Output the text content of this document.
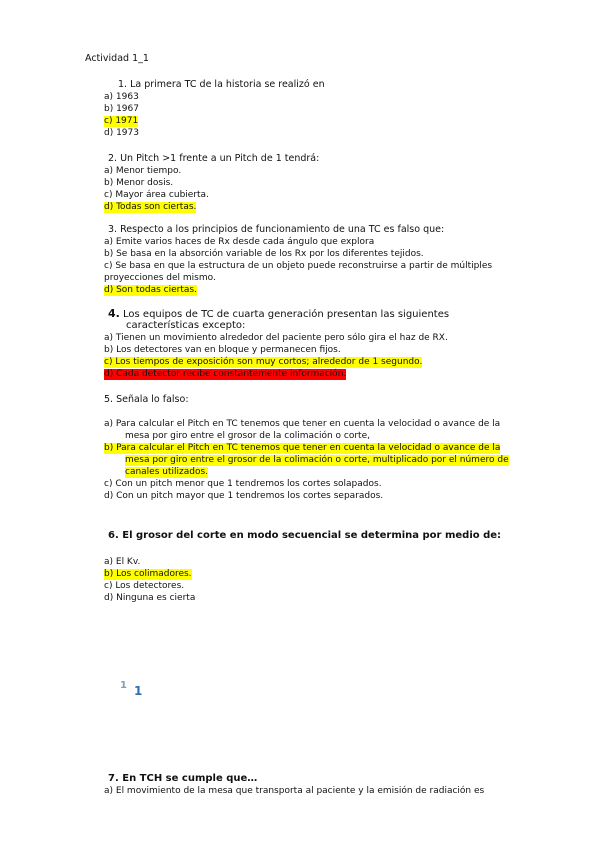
Actividad 1_1
1. La primera TC de la historia se realizó en
a) 1963
b) 1967
c) 1971
d) 1973
2. Un Pitch >1 frente a un Pitch de 1 tendrá:
a) Menor tiempo.
b) Menor dosis.
c) Mayor área cubierta.
d) Todas son ciertas.
3. Respecto a los principios de funcionamiento de una TC es falso que:
a) Emite varios haces de Rx desde cada ángulo que explora
b) Se basa en la absorción variable de los Rx por los diferentes tejidos.
c) Se basa en que la estructura de un objeto puede reconstruirse a partir de múltiples
proyecciones del mismo.
d) Son todas ciertas.
4. Los equipos de TC de cuarta generación presentan las siguientes
características excepto:
a) Tienen un movimiento alrededor del paciente pero sólo gira el haz de RX.
b) Los detectores van en bloque y permanecen fijos.
c) Los tiempos de exposición son muy cortos; alrededor de 1 segundo.
d) Cada detector recibe constantemente información.
5. Señala lo falso:
a) Para calcular el Pitch en TC tenemos que tener en cuenta la velocidad o avance de la
mesa por giro entre el grosor de la colimación o corte,
b) Para calcular el Pitch en TC tenemos que tener en cuenta la velocidad o avance de la
mesa por giro entre el grosor de la colimación o corte, multiplicado por el número de
canales utilizados.
c) Con un pitch menor que 1 tendremos los cortes solapados.
d) Con un pitch mayor que 1 tendremos los cortes separados.
6. El grosor del corte en modo secuencial se determina por medio de:
a) El Kv.
b) Los colimadores.
c) Los detectores.
d) Ninguna es cierta
1 1
7. En TCH se cumple que…
a) El movimiento de la mesa que transporta al paciente y la emisión de radiación es
